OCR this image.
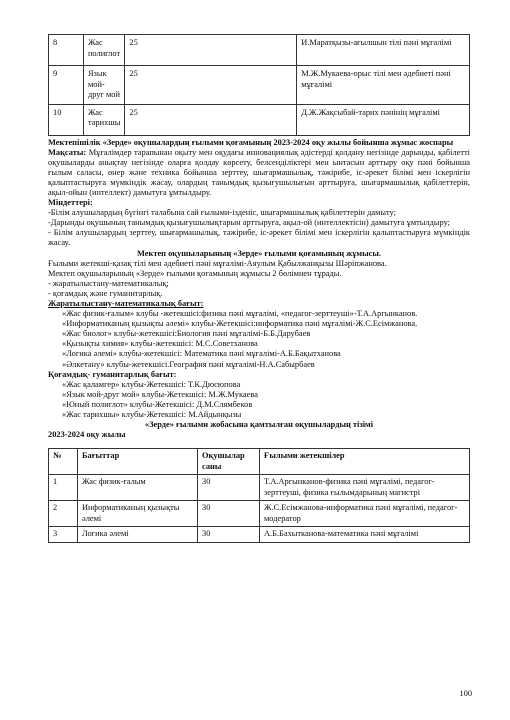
8	Жас полиглот	25	И.Маратқызы-ағылшын тілі пәні мұғалімі
9	Язык мой-друг мой	25	М.Ж.Мукаева-орыс тілі мен әдебиеті пәні мұғалімі
10	Жас тарихшы	25	Д.Ж.Жақсыбай-тарих пәнінің мұғалімі

Мектепішілік «Зерде» оқушылардың ғылыми қоғамының 2023-2024 оқу жылы бойынша жұмыс жоспары

Мақсаты: Мұғалімдер тарапынан оқыту мен оқудағы инновациялық әдістерді қолдану негізінде дарынды, қабілетті оқушыларды анықтау негізінде оларға қолдау көрсету, белсенділіктері мен ынтасын арттыру оқу пәні бойынша ғылым саласы, өнер және техника бойынша зерттеу, шығармашылық, тәжірибе, іс-әрекет білімі мен іскерлігін қалыптастыруға мүмкіндік жасау, олардың танымдық қызығушылығын арттыруға, шығармашылық қабілеттерін, ақыл-ойын (интеллект) дамытуға ұмтылдыру.

Міндеттері:

-Білім алушылардың бүгінгі талабына сай ғылыми-ізденіс, шығармашылық қабілеттерін дамыту;

-Дарынды оқушының танымдық қызығушылықтарын арттыруға, ақыл-ой (интеллектісін) дамытуға ұмтылдыру;

- Білім алушылардың зерттеу, шығармашылық, тәжірибе, іс-әрекет білімі мен іскерлігін қалыптастыруға мүмкіндік жасау.

Мектеп оқушыларының «Зерде» ғылыми қоғамының жұмысы.

Ғылыми жетекші-қазақ тілі мен әдебиеті пәні мұғалімі-Аяулым Қабылжанқызы Шәріпжанова.

Мектеп оқушыларының «Зерде» ғылыми қоғамының жұмысы 2 бөлімнен тұрады.

- жаратылыстану-математикалық;

- қоғамдық және гуманитарлық.

Жаратылыстану-математикалық бағыт:

«Жас физик-ғалым» клубы -жетекшісі:физика пәні мұғалімі, «педагог-зерттеуші»-Т.А.Аргынканов.

«Информатиканың қызықты әлемі» клубы-Жетекшісі:информатика пәні мұғалімі-Ж.С.Есімжанова.

«Жас биолог» клубы-жетекшісі:Биология пәні мұғалімі-Б.Б.Дарубаев

«Қызықты химия» клубы-жетекшісі: М.С.Советханова

«Логика әлемі» клубы-жетекшісі: Математика пәні мұғалімі-А.Б.Бақытханова

«Әлкетану» клубы-жетекшісі.География пәні мұғалімі-Н.А.Сабырбаев

Қоғамдық- гуманитарлық бағыт:

«Жас қаламгер» клубы-Жетекшісі: Т.К.Дюсюпова

«Язык мой-друг мой» клубы-Жетекшісі: М.Ж.Мукаева

«Юный полиглот» клубы-Жетекшісі: Д.М.Слямбеков

«Жас тарихшы» клубы-Жетекшісі: М.Айдынқызы

«Зерде» ғылыми жобасына қамтылған оқушылардың тізімі

2023-2024 оқу жылы

№	Бағыттар	Оқушылар саны	Ғылыми жетекшілер
1	Жас физик-ғалым	30	Т.А.Аргынканов-физика пәні мұғалімі, педагог-зерттеуші, физика ғылымдарының магистрі
2	Информатиканың қызықты әлемі	30	Ж.С.Есімжанова-информатика пәні мұғалімі, педагог-модератор
3	Логика әлемі	30	А.Б.Бахытканова-математика пәні мұғалімі
100
